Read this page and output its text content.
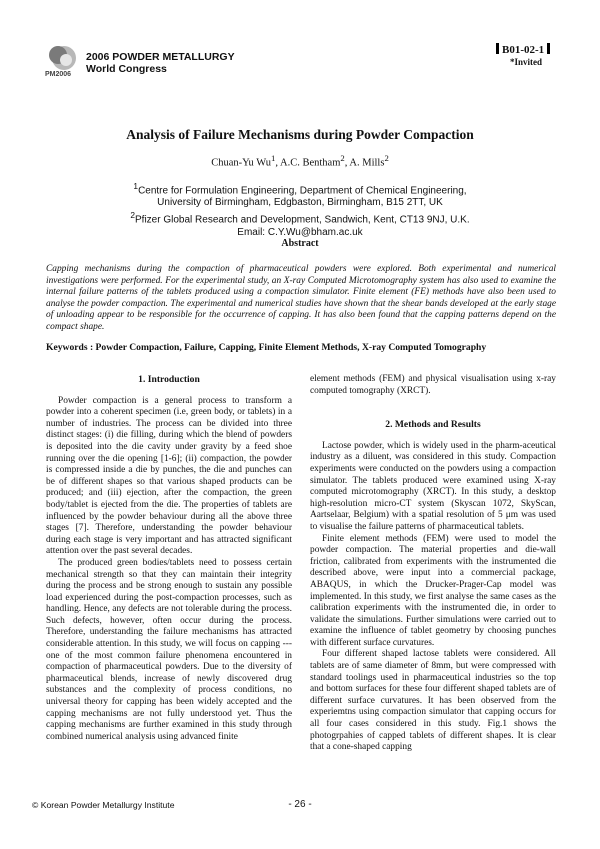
PM2006
2006 POWDER METALLURGY
World Congress
B01-02-1
*Invited
Analysis of Failure Mechanisms during Powder Compaction
Chuan-Yu Wu$^1$, A.C. Bentham$^2$, A. Mills$^2$
$^1$Centre for Formulation Engineering, Department of Chemical Engineering,
University of Birmingham, Edgbaston, Birmingham, B15 2TT, UK
$^2$Pfizer Global Research and Development, Sandwich, Kent, CT13 9NJ, U.K.
Email: C.Y.Wu@bham.ac.uk
Abstract
Capping mechanisms during the compaction of pharmaceutical powders were explored. Both experimental and numerical investigations were performed. For the experimental study, an X-ray Computed Microtomography system has also used to examine the internal failure patterns of the tablets produced using a compaction simulator. Finite element (FE) methods have also been used to analyse the powder compaction. The experimental and numerical studies have shown that the shear bands developed at the early stage of unloading appear to be responsible for the occurrence of capping. It has also been found that the capping patterns depend on the compact shape.
Keywords : Powder Compaction, Failure, Capping, Finite Element Methods, X-ray Computed Tomography
1. Introduction

Powder compaction is a general process to transform a powder into a coherent specimen (i.e, green body, or tablets) in a number of industries. The process can be divided into three distinct stages: (i) die filling, during which the blend of powders is deposited into the die cavity under gravity by a feed shoe running over the die opening [1-6]; (ii) compaction, the powder is compressed inside a die by punches, the die and punches can be of different shapes so that various shaped products can be produced; and (iii) ejection, after the compaction, the green body/tablet is ejected from the die. The properties of tablets are influenced by the powder behaviour during all the above three stages [7]. Therefore, understanding the powder behaviour during each stage is very important and has attracted significant attention over the past several decades.

The produced green bodies/tablets need to possess certain mechanical strength so that they can maintain their integrity during the process and be strong enough to sustain any possible load experienced during the post-compaction processes, such as handling. Hence, any defects are not tolerable during the process. Such defects, however, often occur during the process. Therefore, understanding the failure mechanisms has attracted considerable attention. In this study, we will focus on capping --- one of the most common failure phenomena encountered in compaction of pharmaceutical powders. Due to the diversity of pharmaceutical blends, increase of newly discovered drug substances and the complexity of process conditions, no universal theory for capping has been widely accepted and the capping mechanisms are not fully understood yet. Thus the capping mechanisms are further examined in this study through combined numerical analysis using advanced finite

element methods (FEM) and physical visualisation using x-ray computed tomography (XRCT).

2. Methods and Results

Lactose powder, which is widely used in the pharm-aceutical industry as a diluent, was considered in this study. Compaction experiments were conducted on the powders using a compaction simulator. The tablets produced were examined using X-ray computed microtomography (XRCT). In this study, a desktop high-resolution micro-CT system (Skyscan 1072, SkyScan, Aartselaar, Belgium) with a spatial resolution of 5 μm was used to visualise the failure patterns of pharmaceutical tablets.

Finite element methods (FEM) were used to model the powder compaction. The material properties and die-wall friction, calibrated from experiments with the instrumented die described above, were input into a commercial package, ABAQUS, in which the Drucker-Prager-Cap model was implemented. In this study, we first analyse the same cases as the calibration experiments with the instrumented die, in order to validate the simulations. Further simulations were carried out to examine the influence of tablet geometry by choosing punches with different surface curvatures.

Four different shaped lactose tablets were considered. All tablets are of same diameter of 8mm, but were compressed with standard toolings used in pharmaceutical industries so the top and bottom surfaces for these four different shaped tablets are of different surface curvatures. It has been observed from the experiemtns using compaction simulator that capping occurs for all four cases considered in this study. Fig.1 shows the photogrpahies of capped tablets of different shapes. It is clear that a cone-shaped capping

© Korean Powder Metallurgy Institute	- 26 -
